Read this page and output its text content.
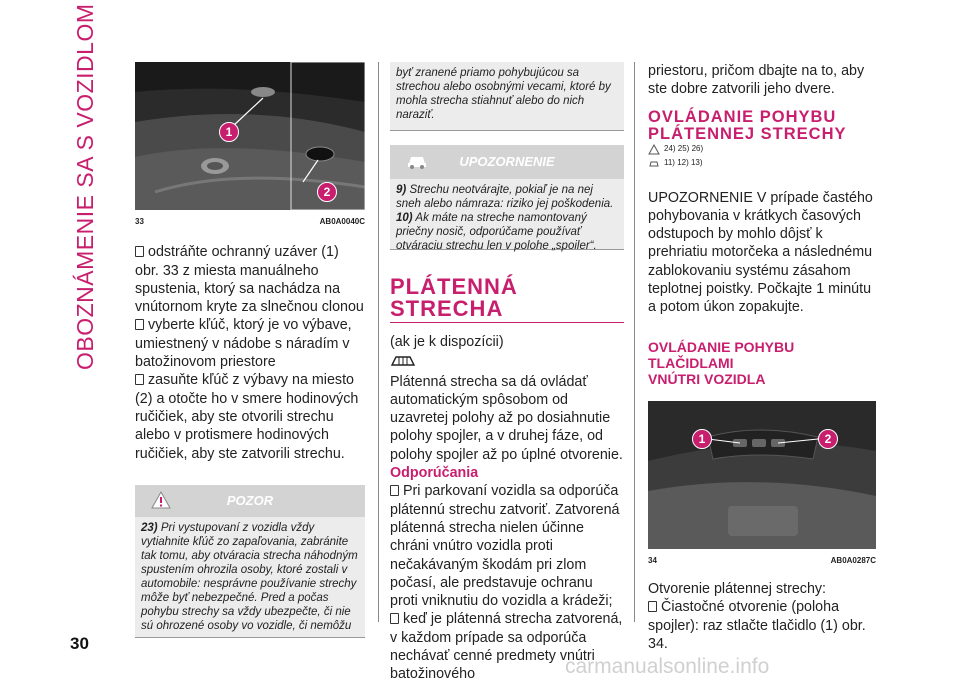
OBOZNÁMENIE SA S VOZIDLOM
30
1
2
33	AB0A0040C

odstráňte ochranný uzáver (1) obr. 33 z miesta manuálneho spustenia, ktorý sa nachádza na vnútornom kryte za slnečnou clonou

vyberte kľúč, ktorý je vo výbave, umiestnený v nádobe s náradím v batožinovom priestore

zasuňte kľúč z výbavy na miesto (2) a otočte ho v smere hodinových ručičiek, aby ste otvorili strechu alebo v protismere hodinových ručičiek, aby ste zatvorili strechu.

POZOR
23) Pri vystupovaní z vozidla vždy vytiahnite kľúč zo zapaľovania, zabránite tak tomu, aby otváracia strecha náhodným spustením ohrozila osoby, ktoré zostali v automobile: nesprávne používanie strechy môže byť nebezpečné. Pred a počas pohybu strechy sa vždy ubezpečte, či nie sú ohrozené osoby vo vozidle, či nemôžu
byť zranené priamo pohybujúcou sa strechou alebo osobnými vecami, ktoré by mohla strecha stiahnuť alebo do nich naraziť.
UPOZORNENIE
9) Strechu neotvárajte, pokiaľ je na nej sneh alebo námraza: riziko jej poškodenia.
10) Ak máte na streche namontovaný priečny nosič, odporúčame používať otváraciu strechu len v polohe „spoiler“.
PLÁTENNÁ
STRECHA

(ak je k dispozícii)

Plátenná strecha sa dá ovládať automatickým spôsobom od uzavretej polohy až po dosiahnutie polohy spojler, a v druhej fáze, od polohy spojler až po úplné otvorenie.

Odporúčania

Pri parkovaní vozidla sa odporúča plátennú strechu zatvoriť. Zatvorená plátenná strecha nielen účinne chráni vnútro vozidla proti nečakávaným škodám pri zlom počasí, ale predstavuje ochranu proti vniknutiu do vozidla a krádeži;

keď je plátenná strecha zatvorená, v každom prípade sa odporúča nechávať cenné predmety vnútri batožinového

priestoru, pričom dbajte na to, aby ste dobre zatvorili jeho dvere.

OVLÁDANIE POHYBU
PLÁTENNEJ STRECHY
24) 25) 26)
11) 12) 13)

UPOZORNENIE V prípade častého pohybovania v krátkych časových odstupoch by mohlo dôjsť k prehriatiu motorčeka a následnému zablokovaniu systému zásahom teplotnej poistky. Počkajte 1 minútu a potom úkon zopakujte.

OVLÁDANIE POHYBU TLAČIDLAMI
VNÚTRI VOZIDLA
1	2
34	AB0A0287C

Otvorenie plátennej strechy:

Čiastočné otvorenie (poloha spojler): raz stlačte tlačidlo (1) obr. 34.

carmanualsonline.info
